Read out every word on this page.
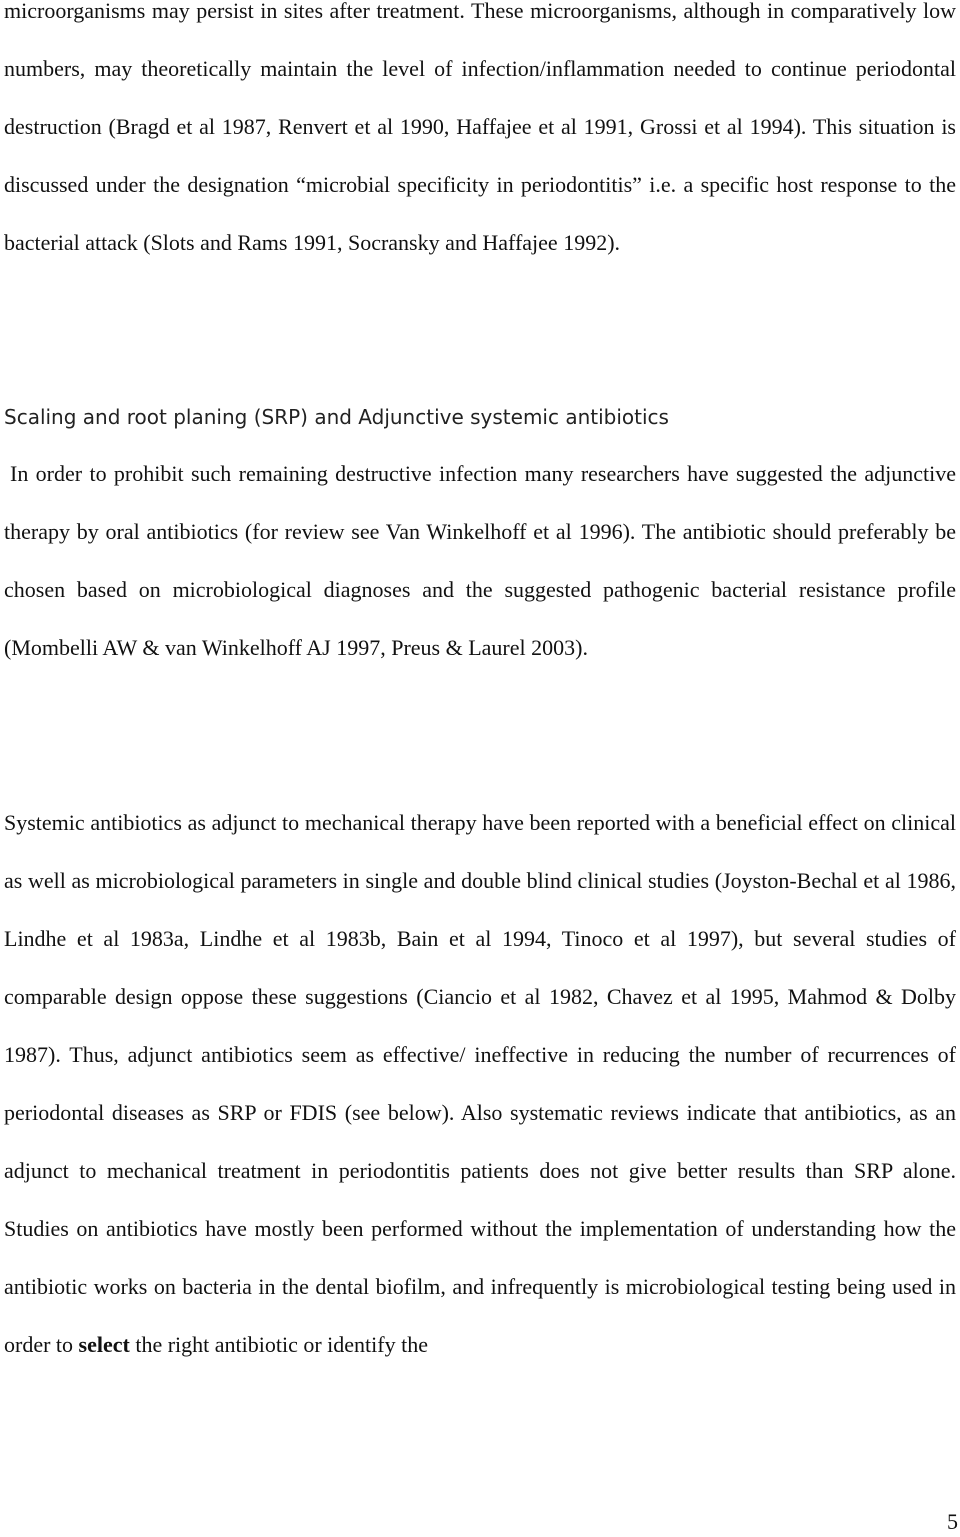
microorganisms may persist in sites after treatment. These microorganisms, although in comparatively low numbers, may theoretically maintain the level of infection/inflammation needed to continue periodontal destruction (Bragd et al 1987, Renvert et al 1990, Haffajee et al 1991, Grossi et al 1994). This situation is discussed under the designation “microbial specificity in periodontitis” i.e. a specific host response to the bacterial attack (Slots and Rams 1991, Socransky and Haffajee 1992).

Scaling and root planing (SRP) and Adjunctive systemic antibiotics

In order to prohibit such remaining destructive infection many researchers have suggested the adjunctive therapy by oral antibiotics (for review see Van Winkelhoff et al 1996). The antibiotic should preferably be chosen based on microbiological diagnoses and the suggested pathogenic bacterial resistance profile (Mombelli AW & van Winkelhoff AJ 1997, Preus & Laurel 2003).

Systemic antibiotics as adjunct to mechanical therapy have been reported with a beneficial effect on clinical as well as microbiological parameters in single and double blind clinical studies (Joyston-Bechal et al 1986, Lindhe et al 1983a, Lindhe et al 1983b, Bain et al 1994, Tinoco et al 1997), but several studies of comparable design oppose these suggestions (Ciancio et al 1982, Chavez et al 1995, Mahmod & Dolby 1987). Thus, adjunct antibiotics seem as effective/ ineffective in reducing the number of recurrences of periodontal diseases as SRP or FDIS (see below). Also systematic reviews indicate that antibiotics, as an adjunct to mechanical treatment in periodontitis patients does not give better results than SRP alone. Studies on antibiotics have mostly been performed without the implementation of understanding how the antibiotic works on bacteria in the dental biofilm, and infrequently is microbiological testing being used in order to select the right antibiotic or identify the

5
